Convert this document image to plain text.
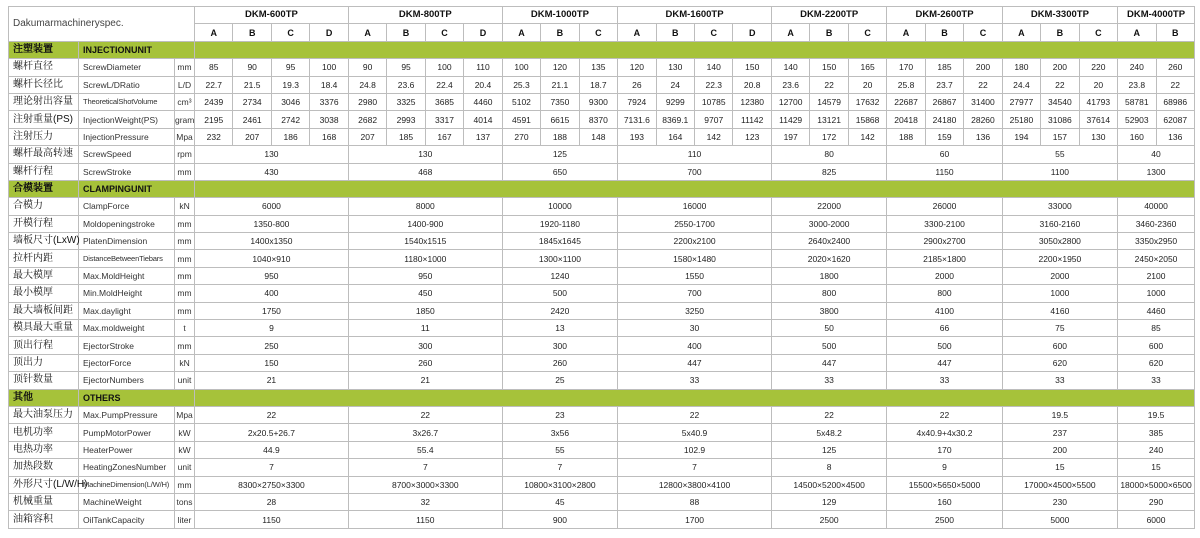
Dakumarmachineryspec.			DKM-600TP				DKM-800TP				DKM-1000TP			DKM-1600TP				DKM-2200TP			DKM-2600TP			DKM-3300TP			DKM-4000TP	
			A	B	C	D	A	B	C	D	A	B	C	A	B	C	D	A	B	C	A	B	C	A	B	C	A	B
注塑装置	INJECTIONUNIT																											
螺杆直径	ScrewDiameter	mm	85	90	95	100	90	95	100	110	100	120	135	120	130	140	150	140	150	165	170	185	200	180	200	220	240	260
螺杆长径比	ScrewL/DRatio	L/D	22.7	21.5	19.3	18.4	24.8	23.6	22.4	20.4	25.3	21.1	18.7	26	24	22.3	20.8	23.6	22	20	25.8	23.7	22	24.4	22	20	23.8	22
理论射出容量	TheoreticalShotVolume	cm³	2439	2734	3046	3376	2980	3325	3685	4460	5102	7350	9300	7924	9299	10785	12380	12700	14579	17632	22687	26867	31400	27977	34540	41793	58781	68986
注射重量(PS)	InjectionWeight(PS)	gram	2195	2461	2742	3038	2682	2993	3317	4014	4591	6615	8370	7131.6	8369.1	9707	11142	11429	13121	15868	20418	24180	28260	25180	31086	37614	52903	62087
注射压力	InjectionPressure	Mpa	232	207	186	168	207	185	167	137	270	188	148	193	164	142	123	197	172	142	188	159	136	194	157	130	160	136
螺杆最高转速	ScrewSpeed	rpm	130				130				125			110				80			60			55			40	
螺杆行程	ScrewStroke	mm	430				468				650			700				825			1150			1100			1300	
合模装置	CLAMPINGUNIT																											
合模力	ClampForce	kN	6000				8000				10000			16000				22000			26000			33000			40000	
开模行程	Moldopeningstroke	mm	1350-800				1400-900				1920-1180			2550-1700				3000-2000			3300-2100			3160-2160			3460-2360	
墙板尺寸(LxW)	PlatenDimension	mm	1400x1350				1540x1515				1845x1645			2200x2100				2640x2400			2900x2700			3050x2800			3350x2950	
拉杆内距	DistanceBetweenTiebars	mm	1040×910				1180×1000				1300×1100			1580×1480				2020×1620			2185×1800			2200×1950			2450×2050	
最大模厚	Max.MoldHeight	mm	950				950				1240			1550				1800			2000			2000			2100	
最小模厚	Min.MoldHeight	mm	400				450				500			700				800			800			1000			1000	
最大墙板间距	Max.daylight	mm	1750				1850				2420			3250				3800			4100			4160			4460	
模具最大重量	Max.moldweight	t	9				11				13			30				50			66			75			85	
顶出行程	EjectorStroke	mm	250				300				300			400				500			500			600			600	
顶出力	EjectorForce	kN	150				260				260			447				447			447			620			620	
顶针数量	EjectorNumbers	unit	21				21				25			33				33			33			33			33	
其他	OTHERS																											
最大油泵压力	Max.PumpPressure	Mpa	22				22				23			22				22			22			19.5			19.5	
电机功率	PumpMotorPower	kW	2x20.5+26.7				3x26.7				3x56			5x40.9				5x48.2			4x40.9+4x30.2			237			385	
电热功率	HeaterPower	kW	44.9				55.4				55			102.9				125			170			200			240	
加热段数	HeatingZonesNumber	unit	7				7				7			7				8			9			15			15	
外形尺寸(L/W/H)	MachineDimension(L/W/H)	mm	8300×2750×3300				8700×3000×3300				10800×3100×2800			12800×3800×4100				14500×5200×4500			15500×5650×5000			17000×4500×5500			18000×5000×6500	
机械重量	MachineWeight	tons	28				32				45			88				129			160			230			290	
油箱容积	OilTankCapacity	liter	1150				1150				900			1700				2500			2500			5000			6000	
